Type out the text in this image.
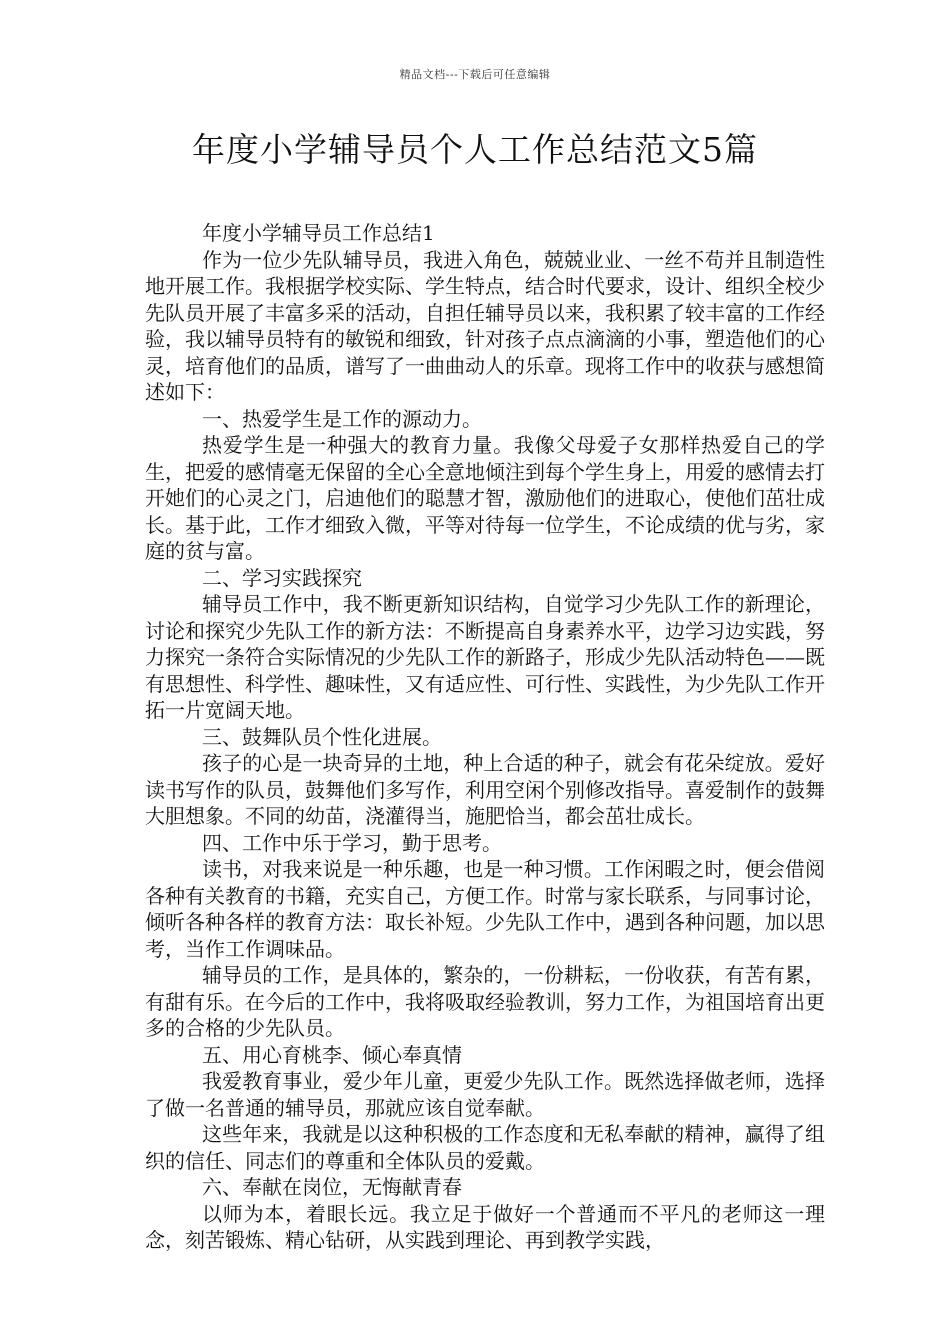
精品文档---下载后可任意编辑
年度小学辅导员个人工作总结范文5篇

年度小学辅导员工作总结1

作为一位少先队辅导员，我进入角色，兢兢业业、一丝不苟并且制造性地开展工作。我根据学校实际、学生特点，结合时代要求，设计、组织全校少先队员开展了丰富多采的活动，自担任辅导员以来，我积累了较丰富的工作经验，我以辅导员特有的敏锐和细致，针对孩子点点滴滴的小事，塑造他们的心灵，培育他们的品质，谱写了一曲曲动人的乐章。现将工作中的收获与感想简述如下：

一、热爱学生是工作的源动力。

热爱学生是一种强大的教育力量。我像父母爱子女那样热爱自己的学生，把爱的感情毫无保留的全心全意地倾注到每个学生身上，用爱的感情去打开她们的心灵之门，启迪他们的聪慧才智，激励他们的进取心，使他们茁壮成长。基于此，工作才细致入微，平等对待每一位学生，不论成绩的优与劣，家庭的贫与富。

二、学习实践探究

辅导员工作中，我不断更新知识结构，自觉学习少先队工作的新理论，讨论和探究少先队工作的新方法：不断提高自身素养水平，边学习边实践，努力探究一条符合实际情况的少先队工作的新路子，形成少先队活动特色——既有思想性、科学性、趣味性，又有适应性、可行性、实践性，为少先队工作开拓一片宽阔天地。

三、鼓舞队员个性化进展。

孩子的心是一块奇异的土地，种上合适的种子，就会有花朵绽放。爱好读书写作的队员，鼓舞他们多写作，利用空闲个别修改指导。喜爱制作的鼓舞大胆想象。不同的幼苗，浇灌得当，施肥恰当，都会茁壮成长。

四、工作中乐于学习，勤于思考。

读书，对我来说是一种乐趣，也是一种习惯。工作闲暇之时，便会借阅各种有关教育的书籍，充实自己，方便工作。时常与家长联系，与同事讨论，倾听各种各样的教育方法：取长补短。少先队工作中，遇到各种问题，加以思考，当作工作调味品。

辅导员的工作，是具体的，繁杂的，一份耕耘，一份收获，有苦有累，有甜有乐。在今后的工作中，我将吸取经验教训，努力工作，为祖国培育出更多的合格的少先队员。

五、用心育桃李、倾心奉真情

我爱教育事业，爱少年儿童，更爱少先队工作。既然选择做老师，选择了做一名普通的辅导员，那就应该自觉奉献。

这些年来，我就是以这种积极的工作态度和无私奉献的精神，赢得了组织的信任、同志们的尊重和全体队员的爱戴。

六、奉献在岗位，无悔献青春

以师为本，着眼长远。我立足于做好一个普通而不平凡的老师这一理念，刻苦锻炼、精心钻研，从实践到理论、再到教学实践，
